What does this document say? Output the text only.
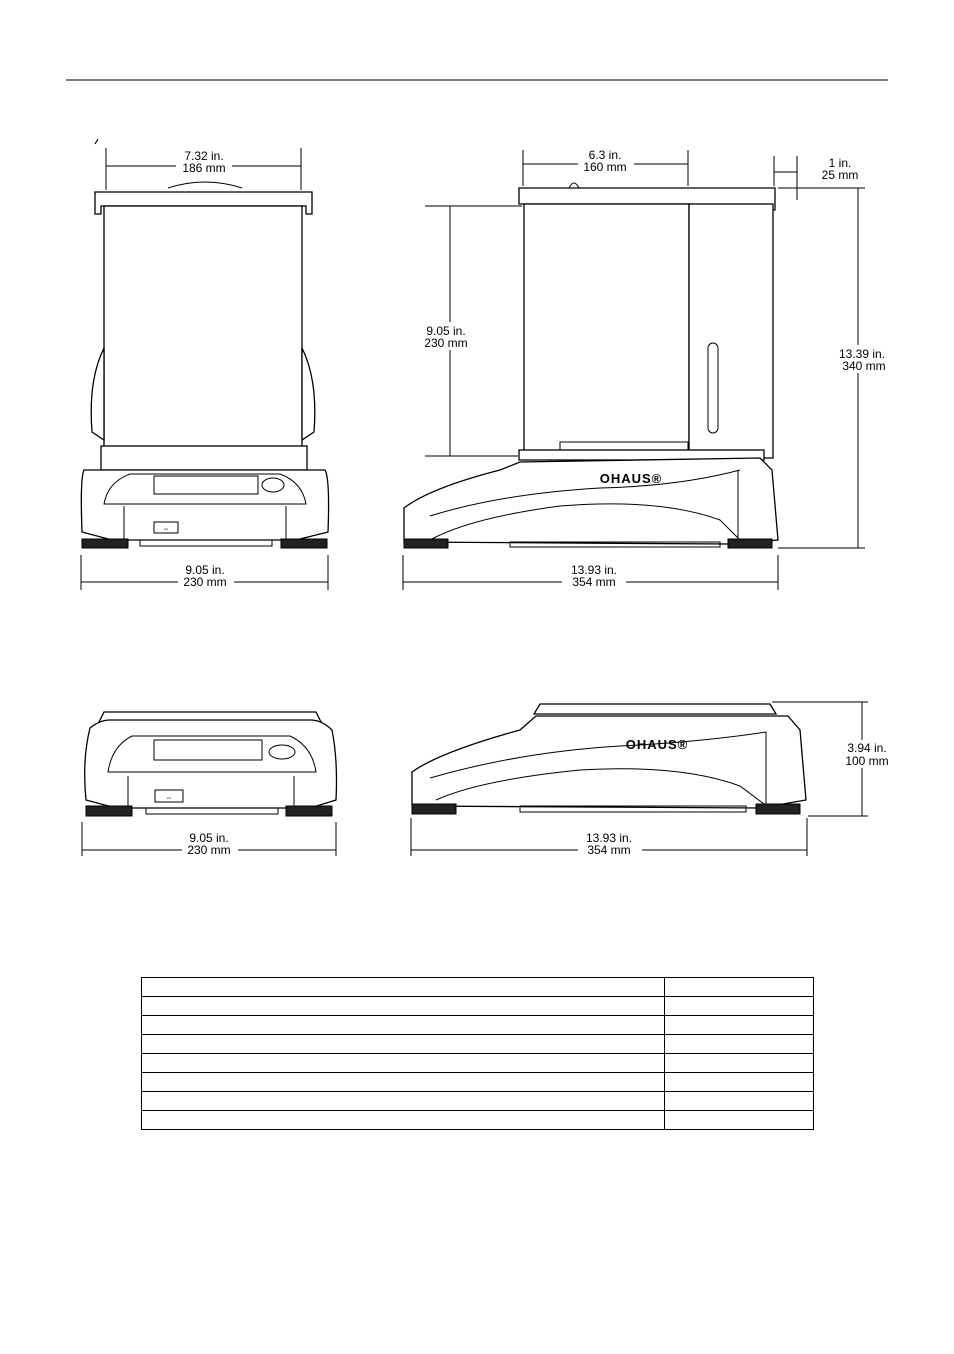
⇔
7.32 in.
186 mm
9.05 in.
230 mm
OHAUS®
6.3 in.
160 mm	1 in.
25 mm
9.05 in.
230 mm
13.39 in.
340 mm
13.93 in.
354 mm
⇔
9.05 in.
230 mm
OHAUS®	3.94 in.
100 mm
13.93 in.
354 mm
